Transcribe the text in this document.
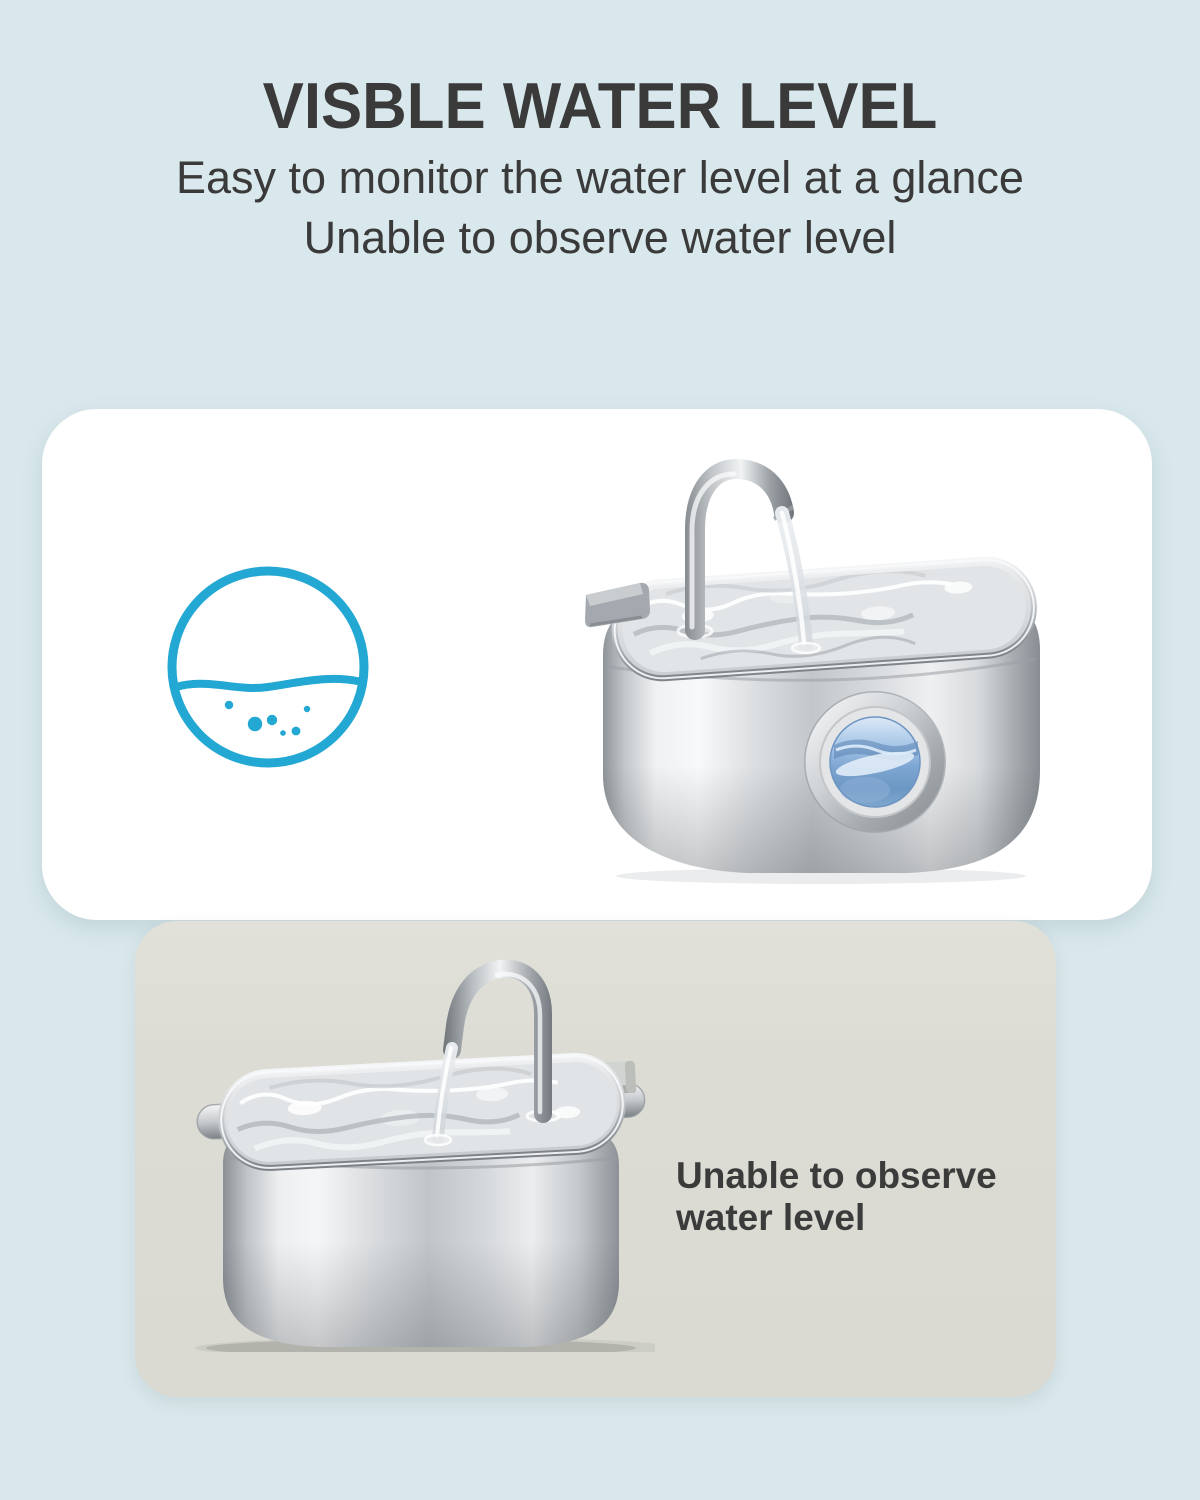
VISBLE WATER LEVEL
Easy to monitor the water level at a glance
Unable to observe water level
Unable to observe
water level
